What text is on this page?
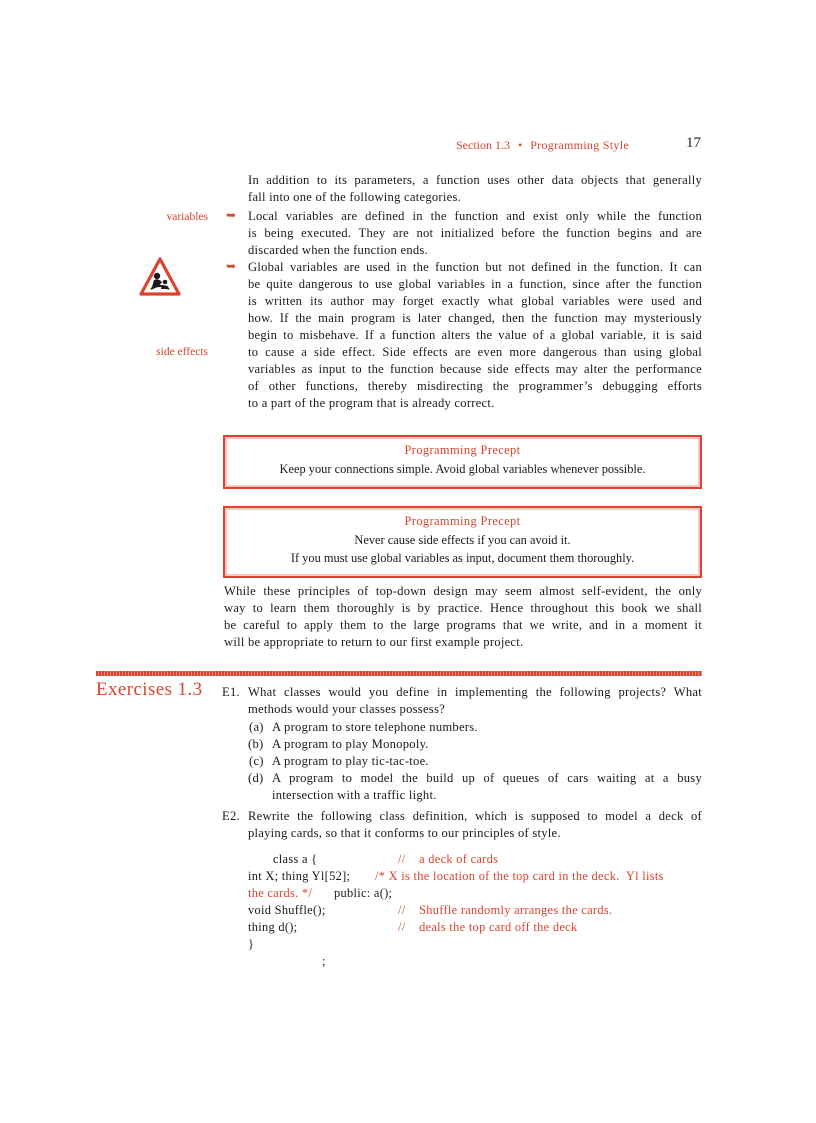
Section 1.3 • Programming Style	17
In addition to its parameters, a function uses other data objects that generally
fall into one of the following categories.
variables ➥ Local variables are defined in the function and exist only while the function
is being executed. They are not initialized before the function begins and are
discarded when the function ends.
➥ Global variables are used in the function but not defined in the function. It can
be quite dangerous to use global variables in a function, since after the function
is written its author may forget exactly what global variables were used and
how. If the main program is later changed, then the function may mysteriously
begin to misbehave. If a function alters the value of a global variable, it is said
to cause a side effect. Side effects are even more dangerous than using global
variables as input to the function because side effects may alter the performance
of other functions, thereby misdirecting the programmer’s debugging efforts
to a part of the program that is already correct.
side effects
Programming Precept
Keep your connections simple. Avoid global variables whenever possible.
Programming Precept
Never cause side effects if you can avoid it.
If you must use global variables as input, document them thoroughly.
While these principles of top-down design may seem almost self-evident, the only
way to learn them thoroughly is by practice. Hence throughout this book we shall
be careful to apply them to the large programs that we write, and in a moment it
will be appropriate to return to our first example project.
Exercises 1.3 E1. What classes would you define in implementing the following projects? What
methods would your classes possess?
(a) A program to store telephone numbers.
(b) A program to play Monopoly.
(c) A program to play tic-tac-toe.
(d) A program to model the build up of queues of cars waiting at a busy
intersection with a traffic light.
E2. Rewrite the following class definition, which is supposed to model a deck of
playing cards, so that it conforms to our principles of style.
class a {	//    a deck of cards
int X; thing Yl[52]; /* X is the location of the top card in the deck.  Yl lists
the cards. */ public: a();
void Shuffle();	//    Shuffle randomly arranges the cards.
thing d();	//    deals the top card off the deck
}
;
